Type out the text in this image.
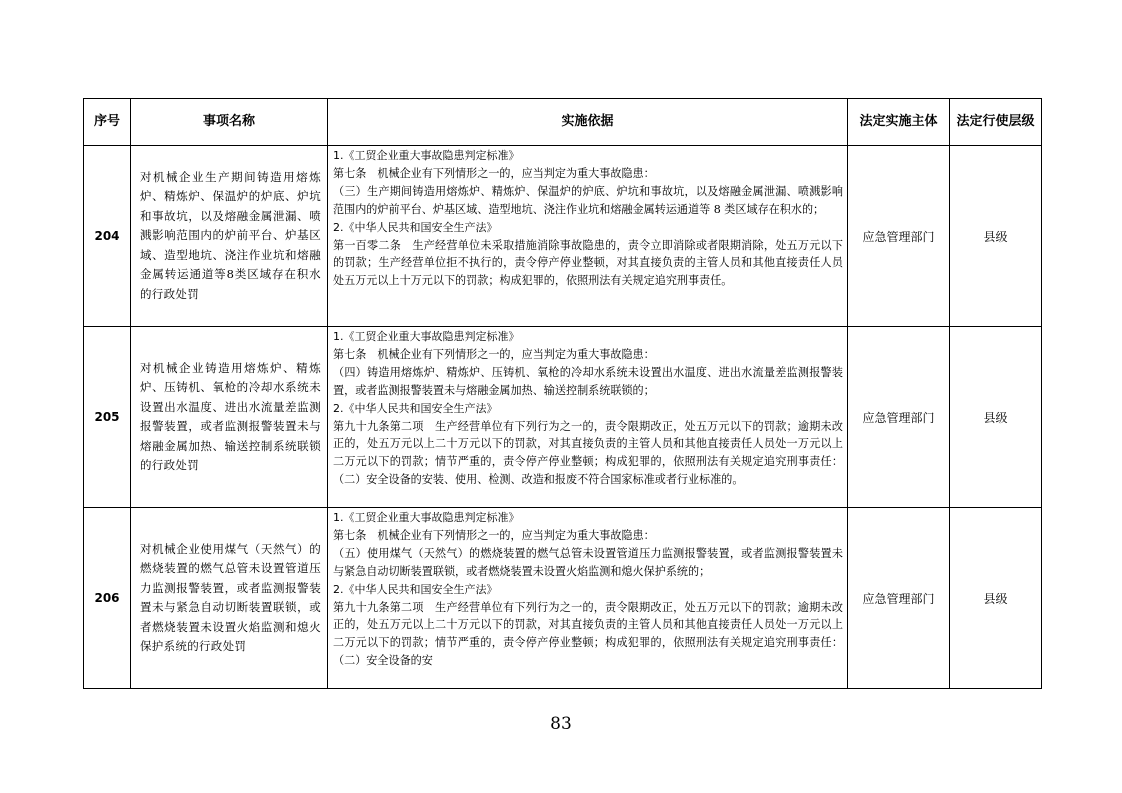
序号	事项名称	实施依据	法定实施主体	法定行使层级
204	对机械企业生产期间铸造用熔炼炉、精炼炉、保温炉的炉底、炉坑和事故坑，以及熔融金属泄漏、喷溅影响范围内的炉前平台、炉基区域、造型地坑、浇注作业坑和熔融金属转运通道等8类区域存在积水的行政处罚	1.《工贸企业重大事故隐患判定标准》
第七条　机械企业有下列情形之一的，应当判定为重大事故隐患：
（三）生产期间铸造用熔炼炉、精炼炉、保温炉的炉底、炉坑和事故坑，以及熔融金属泄漏、喷溅影响范围内的炉前平台、炉基区域、造型地坑、浇注作业坑和熔融金属转运通道等 8 类区域存在积水的；
2.《中华人民共和国安全生产法》
第一百零二条　生产经营单位未采取措施消除事故隐患的，责令立即消除或者限期消除，处五万元以下的罚款；生产经营单位拒不执行的，责令停产停业整顿，对其直接负责的主管人员和其他直接责任人员处五万元以上十万元以下的罚款；构成犯罪的，依照刑法有关规定追究刑事责任。	应急管理部门	县级
205	对机械企业铸造用熔炼炉、精炼炉、压铸机、氧枪的冷却水系统未设置出水温度、进出水流量差监测报警装置，或者监测报警装置未与熔融金属加热、输送控制系统联锁的行政处罚	1.《工贸企业重大事故隐患判定标准》
第七条　机械企业有下列情形之一的，应当判定为重大事故隐患：
（四）铸造用熔炼炉、精炼炉、压铸机、氧枪的冷却水系统未设置出水温度、进出水流量差监测报警装置，或者监测报警装置未与熔融金属加热、输送控制系统联锁的；
2.《中华人民共和国安全生产法》
第九十九条第二项　生产经营单位有下列行为之一的，责令限期改正，处五万元以下的罚款；逾期未改正的，处五万元以上二十万元以下的罚款，对其直接负责的主管人员和其他直接责任人员处一万元以上二万元以下的罚款；情节严重的，责令停产停业整顿；构成犯罪的，依照刑法有关规定追究刑事责任：（二）安全设备的安装、使用、检测、改造和报废不符合国家标准或者行业标准的。	应急管理部门	县级
206	对机械企业使用煤气（天然气）的燃烧装置的燃气总管未设置管道压力监测报警装置，或者监测报警装置未与紧急自动切断装置联锁，或者燃烧装置未设置火焰监测和熄火保护系统的行政处罚	1.《工贸企业重大事故隐患判定标准》
第七条　机械企业有下列情形之一的，应当判定为重大事故隐患：
（五）使用煤气（天然气）的燃烧装置的燃气总管未设置管道压力监测报警装置，或者监测报警装置未与紧急自动切断装置联锁，或者燃烧装置未设置火焰监测和熄火保护系统的；
2.《中华人民共和国安全生产法》
第九十九条第二项　生产经营单位有下列行为之一的，责令限期改正，处五万元以下的罚款；逾期未改正的，处五万元以上二十万元以下的罚款，对其直接负责的主管人员和其他直接责任人员处一万元以上二万元以下的罚款；情节严重的，责令停产停业整顿；构成犯罪的，依照刑法有关规定追究刑事责任：（二）安全设备的安	应急管理部门	县级
83
